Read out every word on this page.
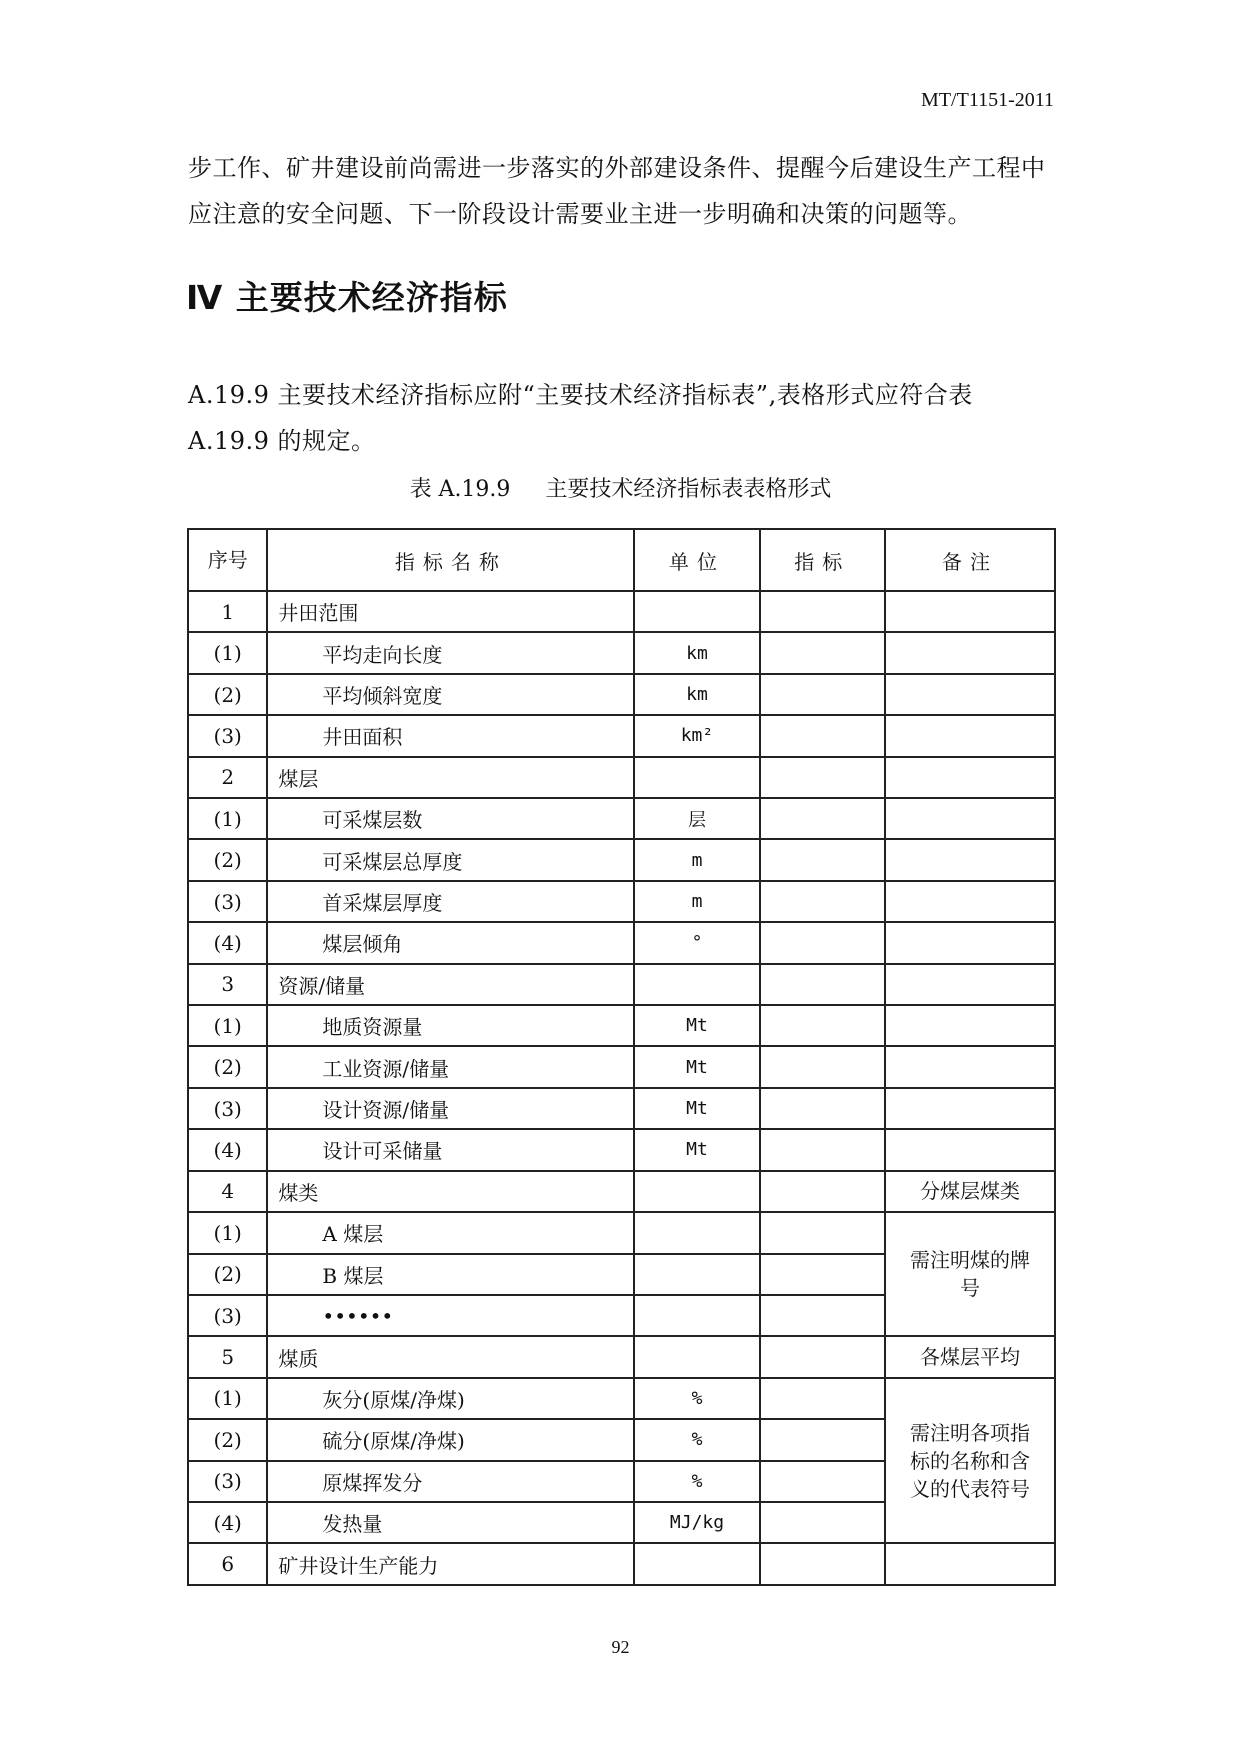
MT/T1151-2011
步工作、矿井建设前尚需进一步落实的外部建设条件、提醒今后建设生产工程中应注意的安全问题、下一阶段设计需要业主进一步明确和决策的问题等。
Ⅳ 主要技术经济指标
A.19.9 主要技术经济指标应附“主要技术经济指标表”,表格形式应符合表 A.19.9 的规定。
表 A.19.9 主要技术经济指标表表格形式
序号	指标名称	单位	指标	备注
1	井田范围			
(1)	平均走向长度	km		
(2)	平均倾斜宽度	km		
(3)	井田面积	km²		
2	煤层			
(1)	可采煤层数	层		
(2)	可采煤层总厚度	m		
(3)	首采煤层厚度	m		
(4)	煤层倾角	°		
3	资源/储量			
(1)	地质资源量	Mt		
(2)	工业资源/储量	Mt		
(3)	设计资源/储量	Mt		
(4)	设计可采储量	Mt		
4	煤类			分煤层煤类
(1)	A 煤层			需注明煤的牌号
(2)	B 煤层			
(3)	••••••			
5	煤质			各煤层平均
(1)	灰分(原煤/净煤)	%		需注明各项指标的名称和含义的代表符号
(2)	硫分(原煤/净煤)	%		
(3)	原煤挥发分	%		
(4)	发热量	MJ/kg		
6	矿井设计生产能力			
92
